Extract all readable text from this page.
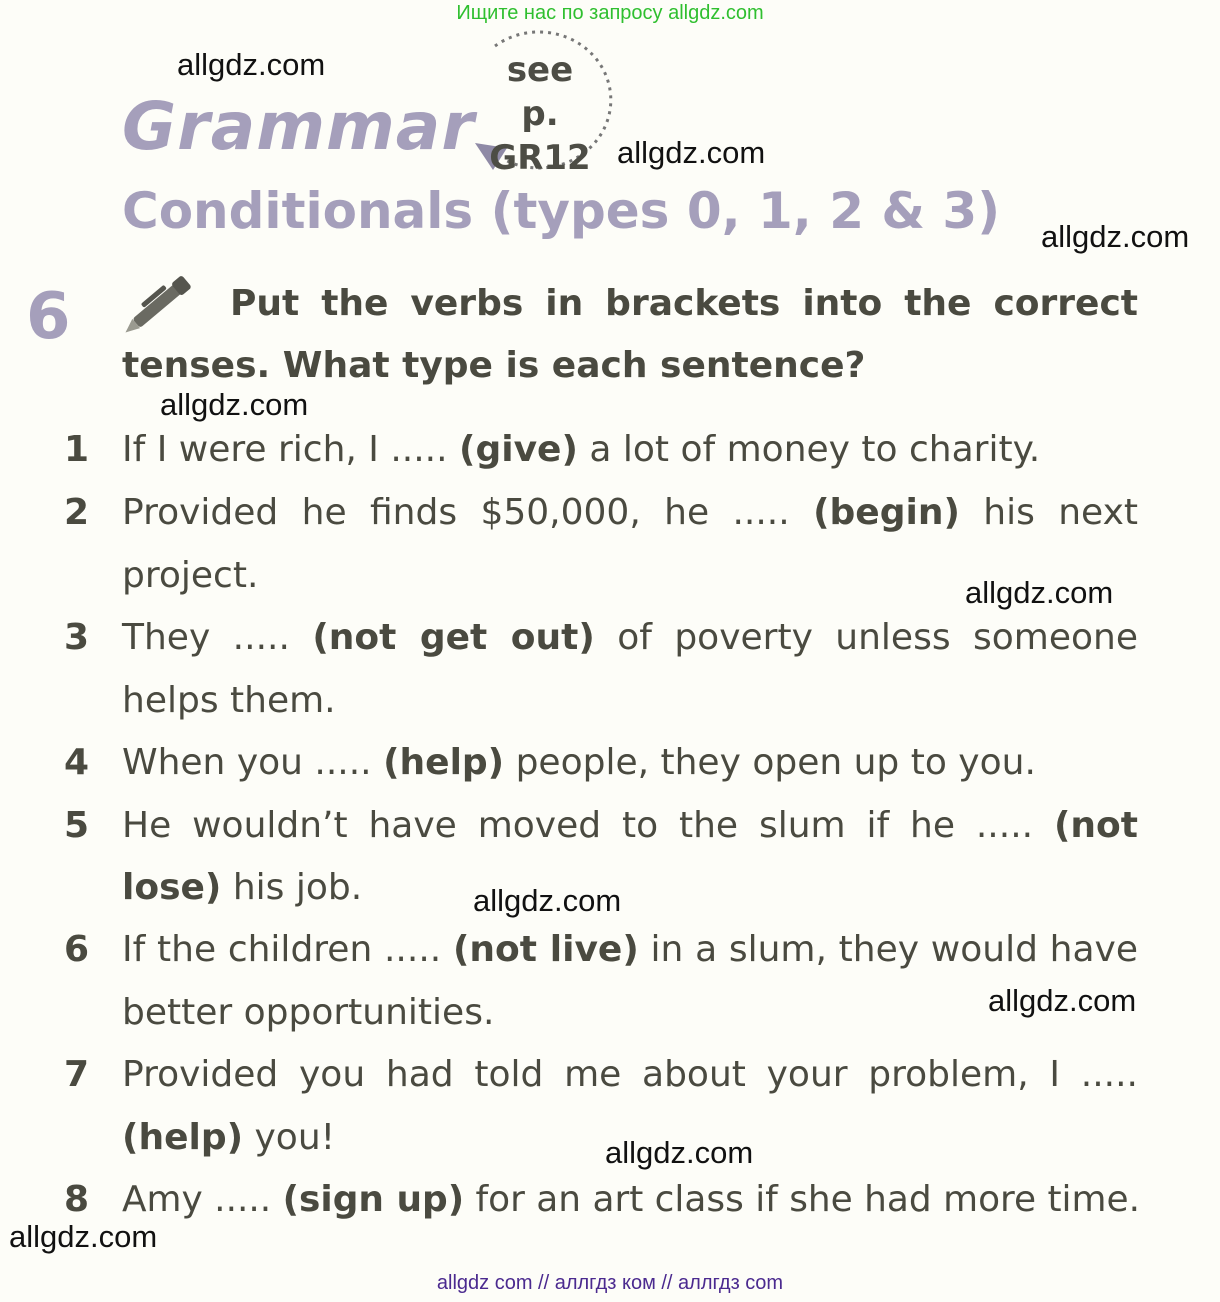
Ищите нас по запросу allgdz.com
allgdz.com
allgdz.com
allgdz.com
allgdz.com
allgdz.com
allgdz.com
allgdz.com
allgdz.com
allgdz.com
Grammar
see
p. GR12
Conditionals (types 0, 1, 2 & 3)
6	Put the verbs in brackets into the correct
tenses. What type is each sentence?
1 If I were rich, I ..... (give) a lot of money to charity.
2 Provided he finds $50,000, he ..... (begin) his next
project.
3 They ..... (not get out) of poverty unless someone
helps them.
4 When you ..... (help) people, they open up to you.
5 He wouldn’t have moved to the slum if he ..... (not
lose) his job.
6 If the children ..... (not live) in a slum, they would have
better opportunities.
7 Provided you had told me about your problem, I .....
(help) you!
8 Amy ..... (sign up) for an art class if she had more time.
allgdz com // аллгдз ком // аллгдз com
